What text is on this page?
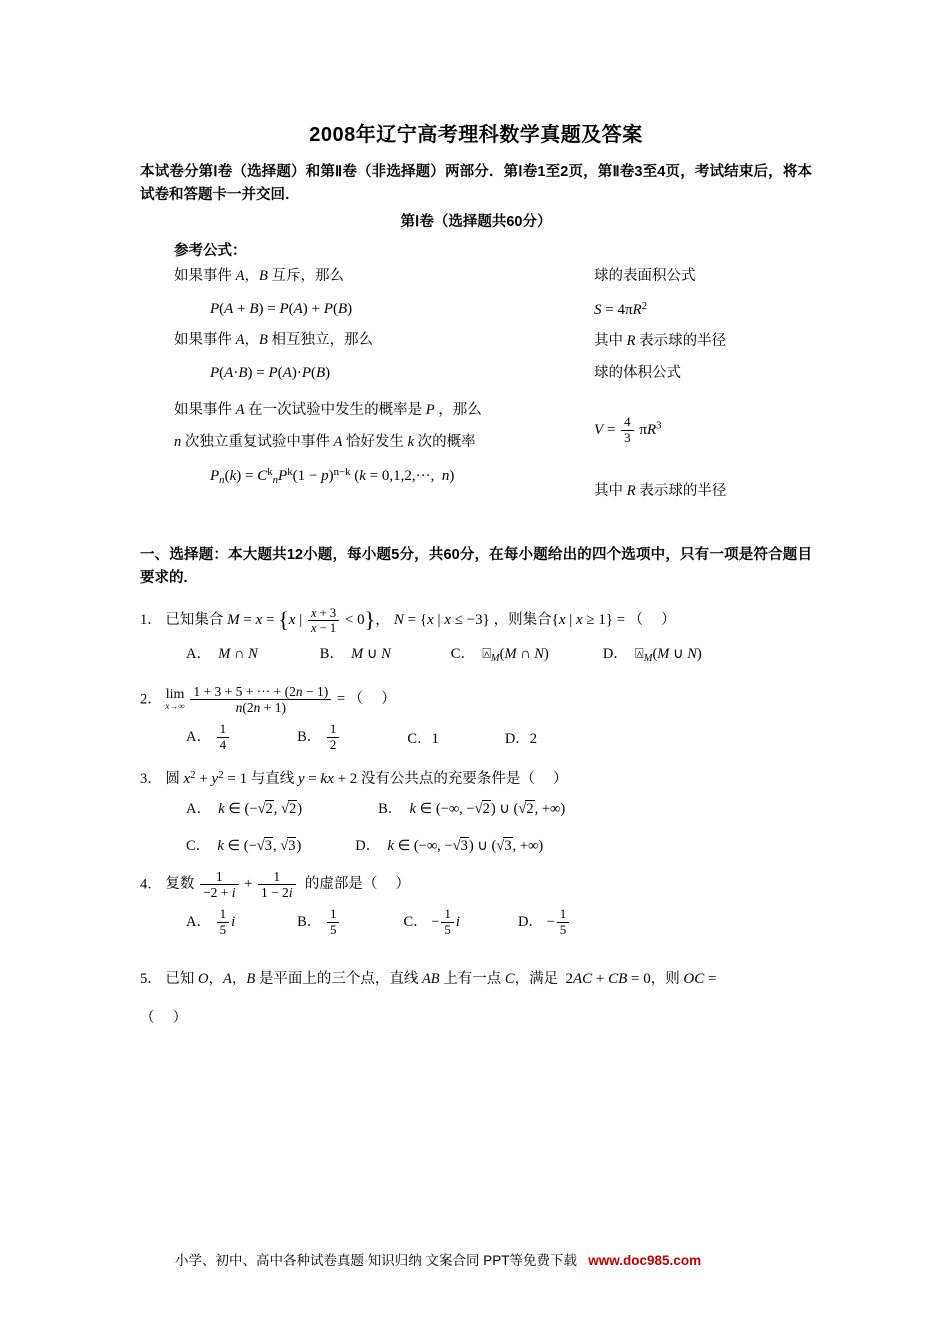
2008年辽宁高考理科数学真题及答案
本试卷分第Ⅰ卷（选择题）和第Ⅱ卷（非选择题）两部分．第Ⅰ卷1至2页，第Ⅱ卷3至4页，考试结束后，将本试卷和答题卡一并交回．
第Ⅰ卷（选择题共60分）
参考公式：
如果事件 A，B 互斥，那么
P(A + B) = P(A) + P(B)
如果事件 A，B 相互独立，那么
P(A·B) = P(A)·P(B)
如果事件 A 在一次试验中发生的概率是 P ，那么
n 次独立重复试验中事件 A 恰好发生 k 次的概率
$P_n(k) = C^k_nP^k(1 - p)^{n-k}$ (k = 0,1,2,···,  n)
球的表面积公式
$S = 4\pi R^2$
其中 R 表示球的半径
球的体积公式
$V = \frac{4}{3} \pi R^3$
其中 R 表示球的半径
一、选择题：本大题共12小题，每小题5分，共60分，在每小题给出的四个选项中，只有一项是符合题目要求的.
1． 已知集合 M = x = {x | $\frac{x + 3}{x - 1} < 0$}， N = {x | x ≤ −3} ，则集合{x | x ≥ 1} = （     ）
A．  M ∩ N	B．  M ∪ N	C．  $⍓_M(M$ ∩ N)	D．  $⍓_M(M$ ∪ N)
2． lim
x→∞
$\frac{1 + 3 + 5 + \cdot\cdot\cdot + (2n - 1)}{n(2n + 1)}$ = （     ）
A． $\frac{1}{4}$	B． $\frac{1}{2}$	C．1	D．2
3． 圆 $x^2 + y^2 = 1$ 与直线 y = kx + 2 没有公共点的充要条件是（     ）
A．  k ∈ (−√2, √2)	B．  k ∈ (−∞, −√2) ∪ (√2, +∞)
C．  k ∈ (−√3, √3)	D．  k ∈ (−∞, −√3) ∪ (√3, +∞)
4． 复数 $\frac{1}{-2 + i} + \frac{1}{1 - 2i}$ 的虚部是（     ）
A． $\frac{1}{5}$ i	B． $\frac{1}{5}$	C． − $\frac{1}{5}$ i	D． − $\frac{1}{5}$
5． 已知 O，A，B 是平面上的三个点，直线 AB 上有一点 C，满足  2AC + CB = 0，则 OC =
（     ）
小学、初中、高中各种试卷真题 知识归纳 文案合同 PPT等免费下载 www.doc985.com
